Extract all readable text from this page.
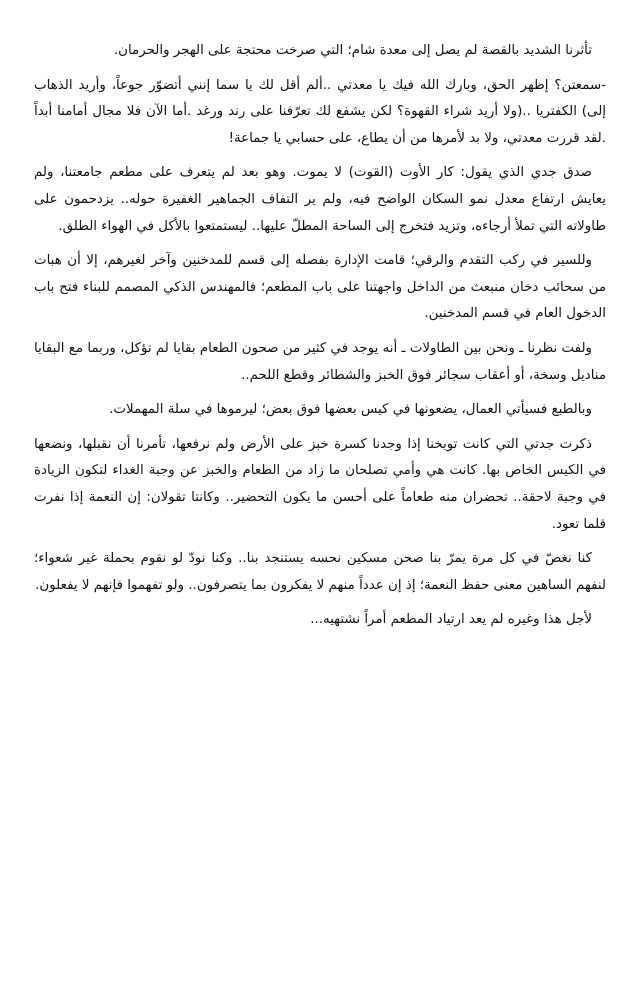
تأثرنا الشديد بالقصة لم يصل إلى معدة شام؛ التي صرخت محتجة على الهجر والحرمان.

-سمعتن؟ إظهر الحق، وبارك الله فيك يا معدتي ..ألم أقل لك يا سما إنني أتضوّر جوعاً، وأريد الذهاب إلى) الكفتريا ..(ولا أريد شراء القهوة؟ لكن يشفع لك تعرّفنا على رند ورغد .أما الآن فلا مجال أمامنا أبداً .لقد قررت معدتي، ولا بد لأمرها من أن يطاع، على حسابي يا جماعة!

صدق جدي الذي يقول: كار الأوت (القوت) لا يموت. وهو بعد لم يتعرف على مطعم جامعتنا، ولم يعايش ارتفاع معدل نمو السكان الواضح فيه، ولم ير التفاف الجماهير الغفيرة حوله.. يزدحمون على طاولاته التي تملأ أرجاءه، وتزيد فتخرج إلى الساحة المطلّ عليها.. ليستمتعوا بالأكل في الهواء الطلق.

وللسير في ركب التقدم والرقي؛ قامت الإدارة بفصله إلى قسم للمدخنين وآخر لغيرهم، إلا أن هبات من سحائب دخان منبعث من الداخل واجهتنا على باب المطعم؛ فالمهندس الذكي المصمم للبناء فتح باب الدخول العام في قسم المدخنين.

ولفت نظرنا ـ ونحن بين الطاولات ـ أنه يوجد في كثير من صحون الطعام بقايا لم تؤكل، وربما مع البقايا مناديل وسخة، أو أعقاب سجائر فوق الخبز والشطائر وقطع اللحم..

وبالطبع فسيأتي العمال، يضعونها في كيس بعضها فوق بعض؛ ليرموها في سلة المهملات.

ذكرت جدتي التي كانت توبخنا إذا وجدنا كسرة خبز على الأرض ولم نرفعها، تأمرنا أن نقبلها، ونضعها في الكيس الخاص بها. كانت هي وأمي تصلحان ما زاد من الطعام والخبز عن وجبة الغداء لتكون الزيادة في وجبة لاحقة.. تحضران منه طعاماً على أحسن ما يكون التحضير.. وكانتا تقولان: إن النعمة إذا نفرت قلما تعود.

كنا نغصّ في كل مرة يمرّ بنا صحن مسكين نحسه يستنجد بنا.. وكنا نودّ لو نقوم بحملة غير شعواء؛ لنفهم الساهين معنى حفظ النعمة؛ إذ إن عدداً منهم لا يفكرون بما يتصرفون.. ولو تفهموا فإنهم لا يفعلون.

لأجل هذا وغيره لم يعد ارتياد المطعم أمراً نشتهيه...
